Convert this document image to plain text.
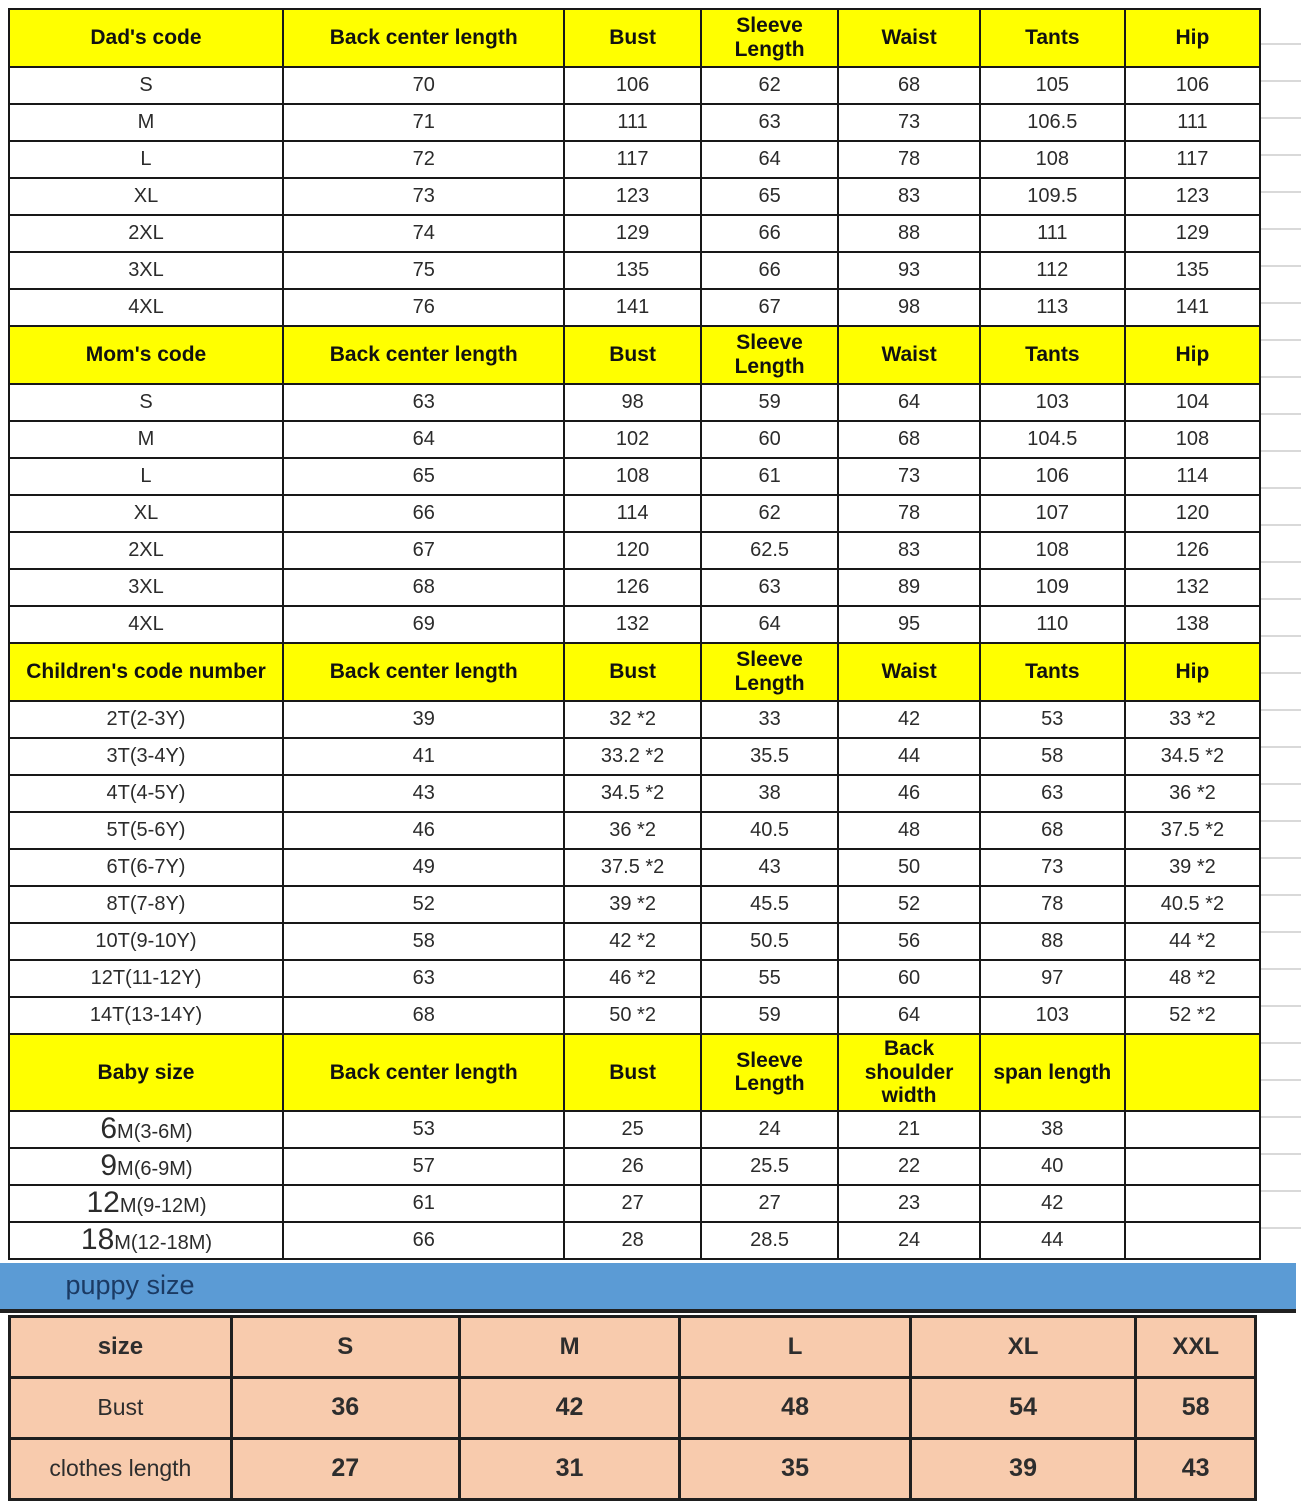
Dad's code	Back center length	Bust	Sleeve Length	Waist	Tants	Hip
S	70	106	62	68	105	106
M	71	111	63	73	106.5	111
L	72	117	64	78	108	117
XL	73	123	65	83	109.5	123
2XL	74	129	66	88	111	129
3XL	75	135	66	93	112	135
4XL	76	141	67	98	113	141
Mom's code	Back center length	Bust	Sleeve Length	Waist	Tants	Hip
S	63	98	59	64	103	104
M	64	102	60	68	104.5	108
L	65	108	61	73	106	114
XL	66	114	62	78	107	120
2XL	67	120	62.5	83	108	126
3XL	68	126	63	89	109	132
4XL	69	132	64	95	110	138
Children's code number	Back center length	Bust	Sleeve Length	Waist	Tants	Hip
2T(2-3Y)	39	32 *2	33	42	53	33 *2
3T(3-4Y)	41	33.2 *2	35.5	44	58	34.5 *2
4T(4-5Y)	43	34.5 *2	38	46	63	36 *2
5T(5-6Y)	46	36 *2	40.5	48	68	37.5 *2
6T(6-7Y)	49	37.5 *2	43	50	73	39 *2
8T(7-8Y)	52	39 *2	45.5	52	78	40.5 *2
10T(9-10Y)	58	42 *2	50.5	56	88	44 *2
12T(11-12Y)	63	46 *2	55	60	97	48 *2
14T(13-14Y)	68	50 *2	59	64	103	52 *2
Baby size	Back center length	Bust	Sleeve Length	Back shoulder width	span length	
6M(3-6M)	53	25	24	21	38	
9M(6-9M)	57	26	25.5	22	40	
12M(9-12M)	61	27	27	23	42	
18M(12-18M)	66	28	28.5	24	44	
puppy size
size	S	M	L	XL	XXL
Bust	36	42	48	54	58
clothes length	27	31	35	39	43
